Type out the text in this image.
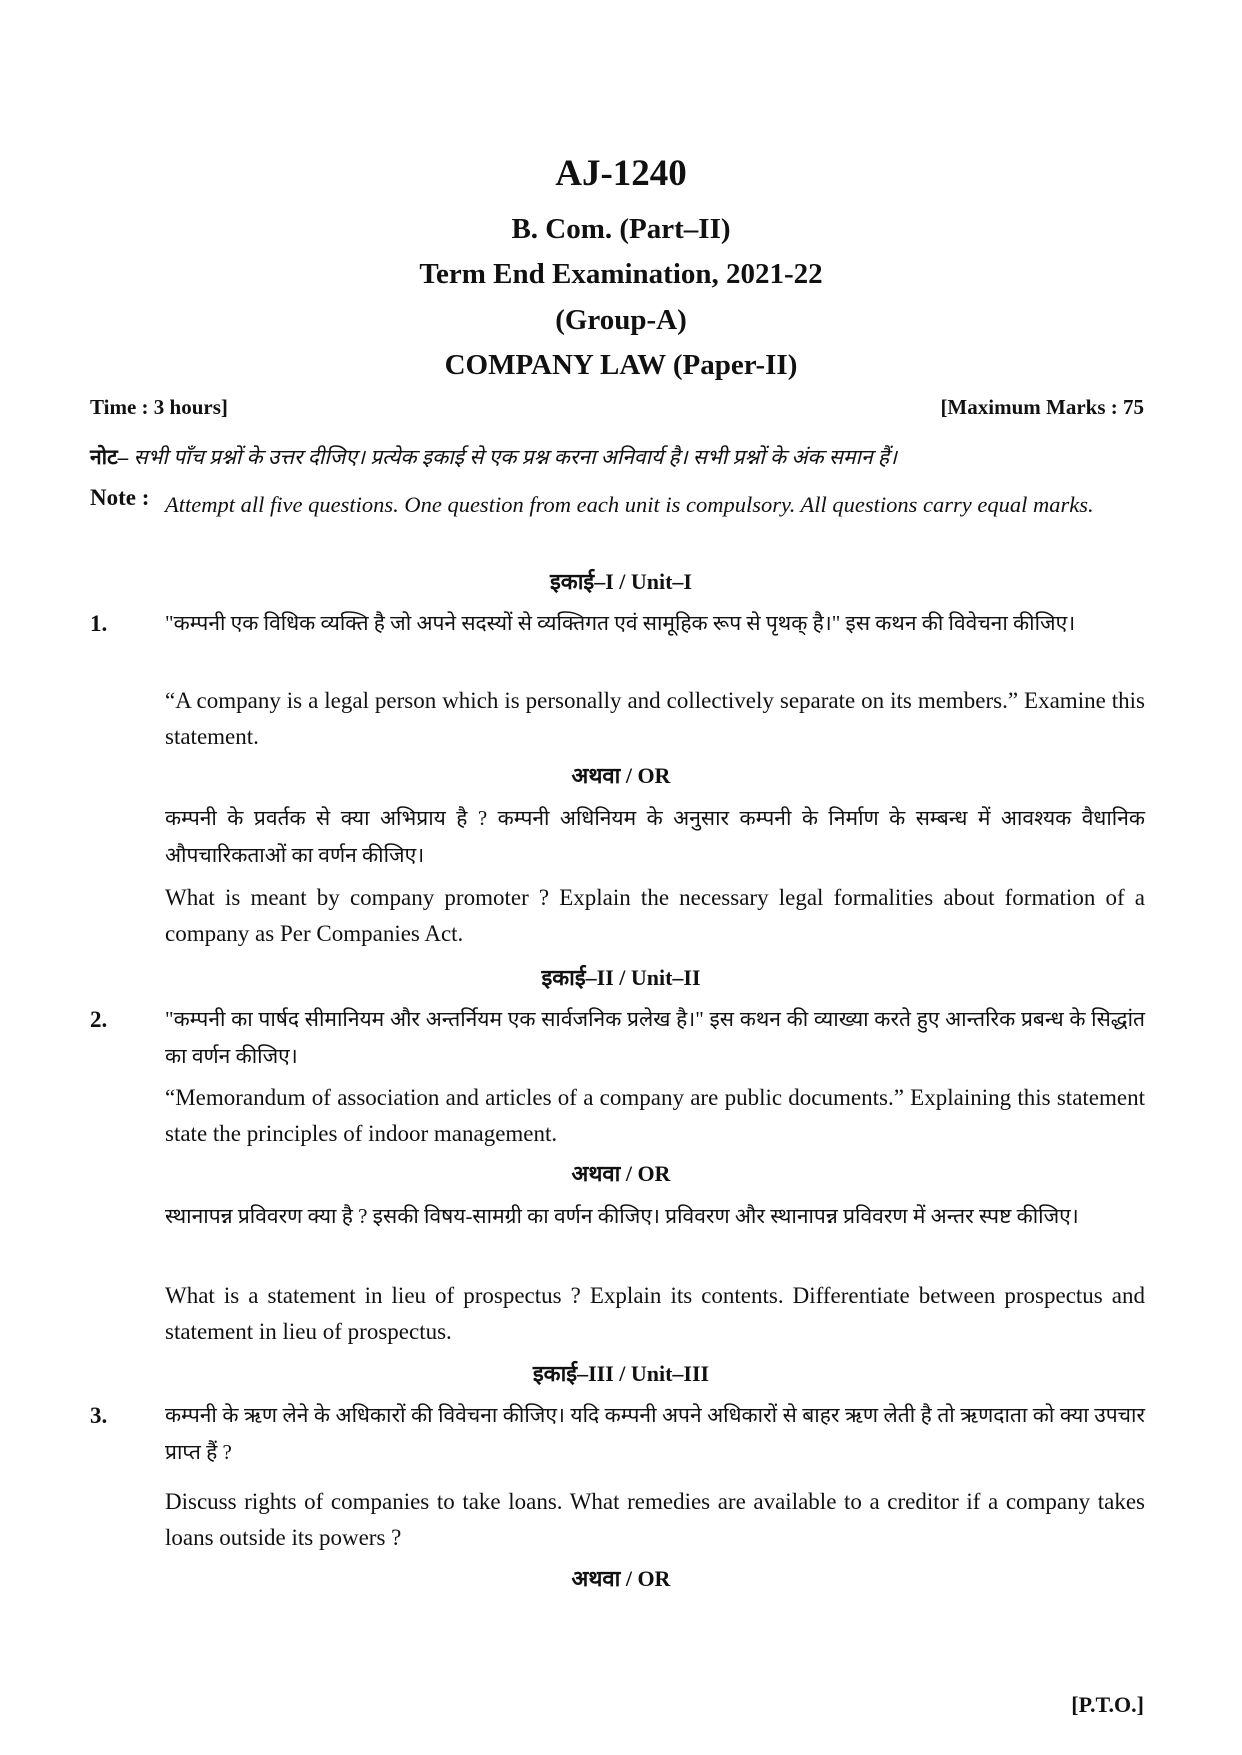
AJ-1240
B. Com. (Part–II)
Term End Examination, 2021-22
(Group-A)
COMPANY LAW (Paper-II)
Time : 3 hours]	[Maximum Marks : 75
नोट– सभी पाँच प्रश्नों के उत्तर दीजिए। प्रत्येक इकाई से एक प्रश्न करना अनिवार्य है। सभी प्रश्नों के अंक समान हैं।
Note : Attempt all five questions. One question from each unit is compulsory. All questions carry equal marks.
इकाई–I / Unit–I
1.	"कम्पनी एक विधिक व्यक्ति है जो अपने सदस्यों से व्यक्तिगत एवं सामूहिक रूप से पृथक् है।" इस कथन की विवेचना कीजिए।
“A company is a legal person which is personally and collectively separate on its members.” Examine this statement.
अथवा / OR
कम्पनी के प्रवर्तक से क्या अभिप्राय है ? कम्पनी अधिनियम के अनुसार कम्पनी के निर्माण के सम्बन्ध में आवश्यक वैधानिक औपचारिकताओं का वर्णन कीजिए।
What is meant by company promoter ? Explain the necessary legal formalities about formation of a company as Per Companies Act.
इकाई–II / Unit–II
2.	"कम्पनी का पार्षद सीमानियम और अन्तर्नियम एक सार्वजनिक प्रलेख है।" इस कथन की व्याख्या करते हुए आन्तरिक प्रबन्ध के सिद्धांत का वर्णन कीजिए।
“Memorandum of association and articles of a company are public documents.” Explaining this statement state the principles of indoor management.
अथवा / OR
स्थानापन्न प्रविवरण क्या है ? इसकी विषय-सामग्री का वर्णन कीजिए। प्रविवरण और स्थानापन्न प्रविवरण में अन्तर स्पष्ट कीजिए।
What is a statement in lieu of prospectus ? Explain its contents. Differentiate between prospectus and statement in lieu of prospectus.
इकाई–III / Unit–III
3.	कम्पनी के ऋण लेने के अधिकारों की विवेचना कीजिए। यदि कम्पनी अपने अधिकारों से बाहर ऋण लेती है तो ऋणदाता को क्या उपचार प्राप्त हैं ?
Discuss rights of companies to take loans. What remedies are available to a creditor if a company takes loans outside its powers ?
अथवा / OR
[P.T.O.]
